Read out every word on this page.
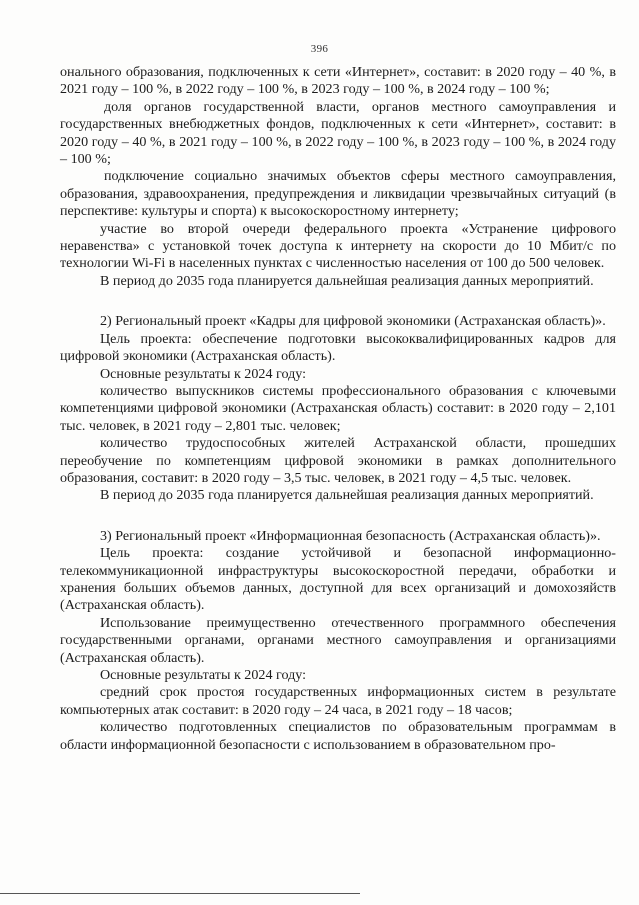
396

онального образования, подключенных к сети «Интернет», составит: в 2020 году – 40 %, в 2021 году – 100 %, в 2022 году – 100 %, в 2023 году – 100 %, в 2024 году – 100 %;

доля органов государственной власти, органов местного самоуправления и государственных внебюджетных фондов, подключенных к сети «Интернет», составит: в 2020 году – 40 %, в 2021 году – 100 %, в 2022 году – 100 %, в 2023 году – 100 %, в 2024 году – 100 %;

подключение социально значимых объектов сферы местного самоуправления, образования, здравоохранения, предупреждения и ликвидации чрезвычайных ситуаций (в перспективе: культуры и спорта) к высокоскоростному интернету;

участие во второй очереди федерального проекта «Устранение цифрового неравенства» с установкой точек доступа к интернету на скорости до 10 Мбит/с по технологии Wi-Fi в населенных пунктах с численностью населения от 100 до 500 человек.

В период до 2035 года планируется дальнейшая реализация данных мероприятий.

2) Региональный проект «Кадры для цифровой экономики (Астраханская область)».

Цель проекта: обеспечение подготовки высококвалифицированных кадров для цифровой экономики (Астраханская область).

Основные результаты к 2024 году:

количество выпускников системы профессионального образования с ключевыми компетенциями цифровой экономики (Астраханская область) составит: в 2020 году – 2,101 тыс. человек, в 2021 году – 2,801 тыс. человек;

количество трудоспособных жителей Астраханской области, прошедших переобучение по компетенциям цифровой экономики в рамках дополнительного образования, составит: в 2020 году – 3,5 тыс. человек, в 2021 году – 4,5 тыс. человек.

В период до 2035 года планируется дальнейшая реализация данных мероприятий.

3) Региональный проект «Информационная безопасность (Астраханская область)».

Цель проекта: создание устойчивой и безопасной информационно-телекоммуникационной инфраструктуры высокоскоростной передачи, обработки и хранения больших объемов данных, доступной для всех организаций и домохозяйств (Астраханская область).

Использование преимущественно отечественного программного обеспечения государственными органами, органами местного самоуправления и организациями (Астраханская область).

Основные результаты к 2024 году:

средний срок простоя государственных информационных систем в результате компьютерных атак составит: в 2020 году – 24 часа, в 2021 году – 18 часов;

количество подготовленных специалистов по образовательным программам в области информационной безопасности с использованием в образовательном про-
